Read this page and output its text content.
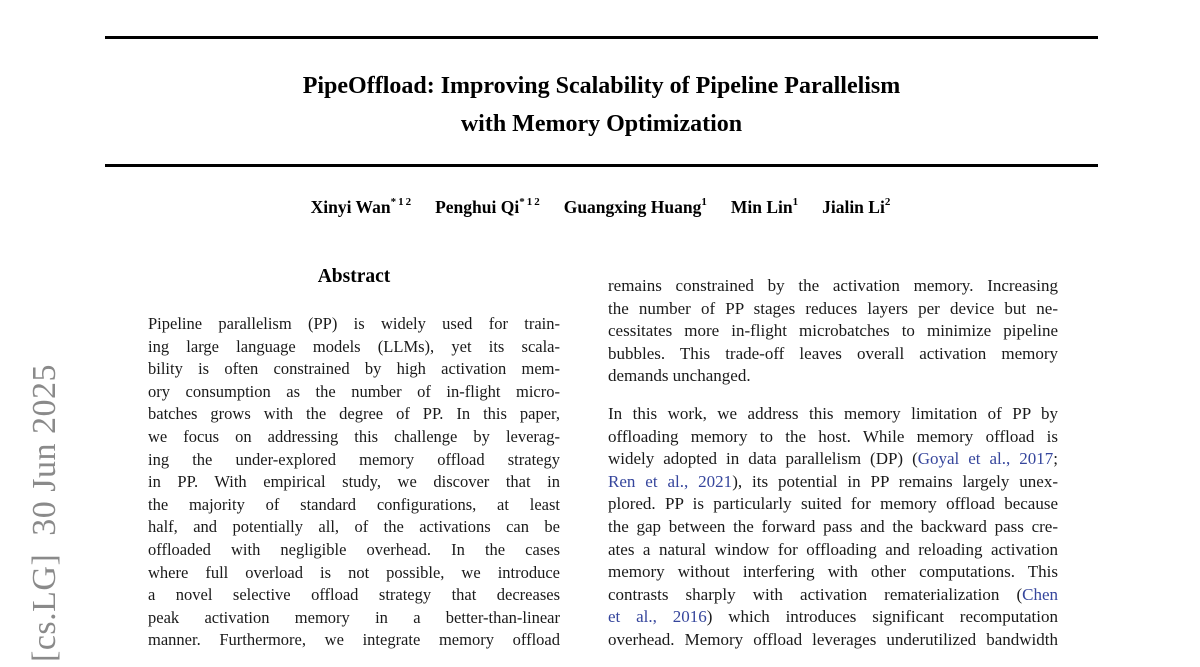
PipeOffload: Improving Scalability of Pipeline Parallelism
with Memory Optimization
Xinyi Wan$^{*12}$ Penghui Qi$^{*12}$ Guangxing Huang$^1$ Min Lin$^1$ Jialin Li$^2$
Abstract
Pipeline parallelism (PP) is widely used for train-
ing large language models (LLMs), yet its scala-
bility is often constrained by high activation mem-
ory consumption as the number of in-flight micro-
batches grows with the degree of PP. In this paper,
we focus on addressing this challenge by leverag-
ing the under-explored memory offload strategy
in PP. With empirical study, we discover that in
the majority of standard configurations, at least
half, and potentially all, of the activations can be
offloaded with negligible overhead. In the cases
where full overload is not possible, we introduce
a novel selective offload strategy that decreases
peak activation memory in a better-than-linear
manner. Furthermore, we integrate memory offload
remains constrained by the activation memory. Increasing
the number of PP stages reduces layers per device but ne-
cessitates more in-flight microbatches to minimize pipeline
bubbles. This trade-off leaves overall activation memory
demands unchanged.
In this work, we address this memory limitation of PP by
offloading memory to the host. While memory offload is
widely adopted in data parallelism (DP) (Goyal et al., 2017;
Ren et al., 2021), its potential in PP remains largely unex-
plored. PP is particularly suited for memory offload because
the gap between the forward pass and the backward pass cre-
ates a natural window for offloading and reloading activation
memory without interfering with other computations. This
contrasts sharply with activation rematerialization (Chen
et al., 2016) which introduces significant recomputation
overhead. Memory offload leverages underutilized bandwidth
[cs.LG]  30 Jun 2025
